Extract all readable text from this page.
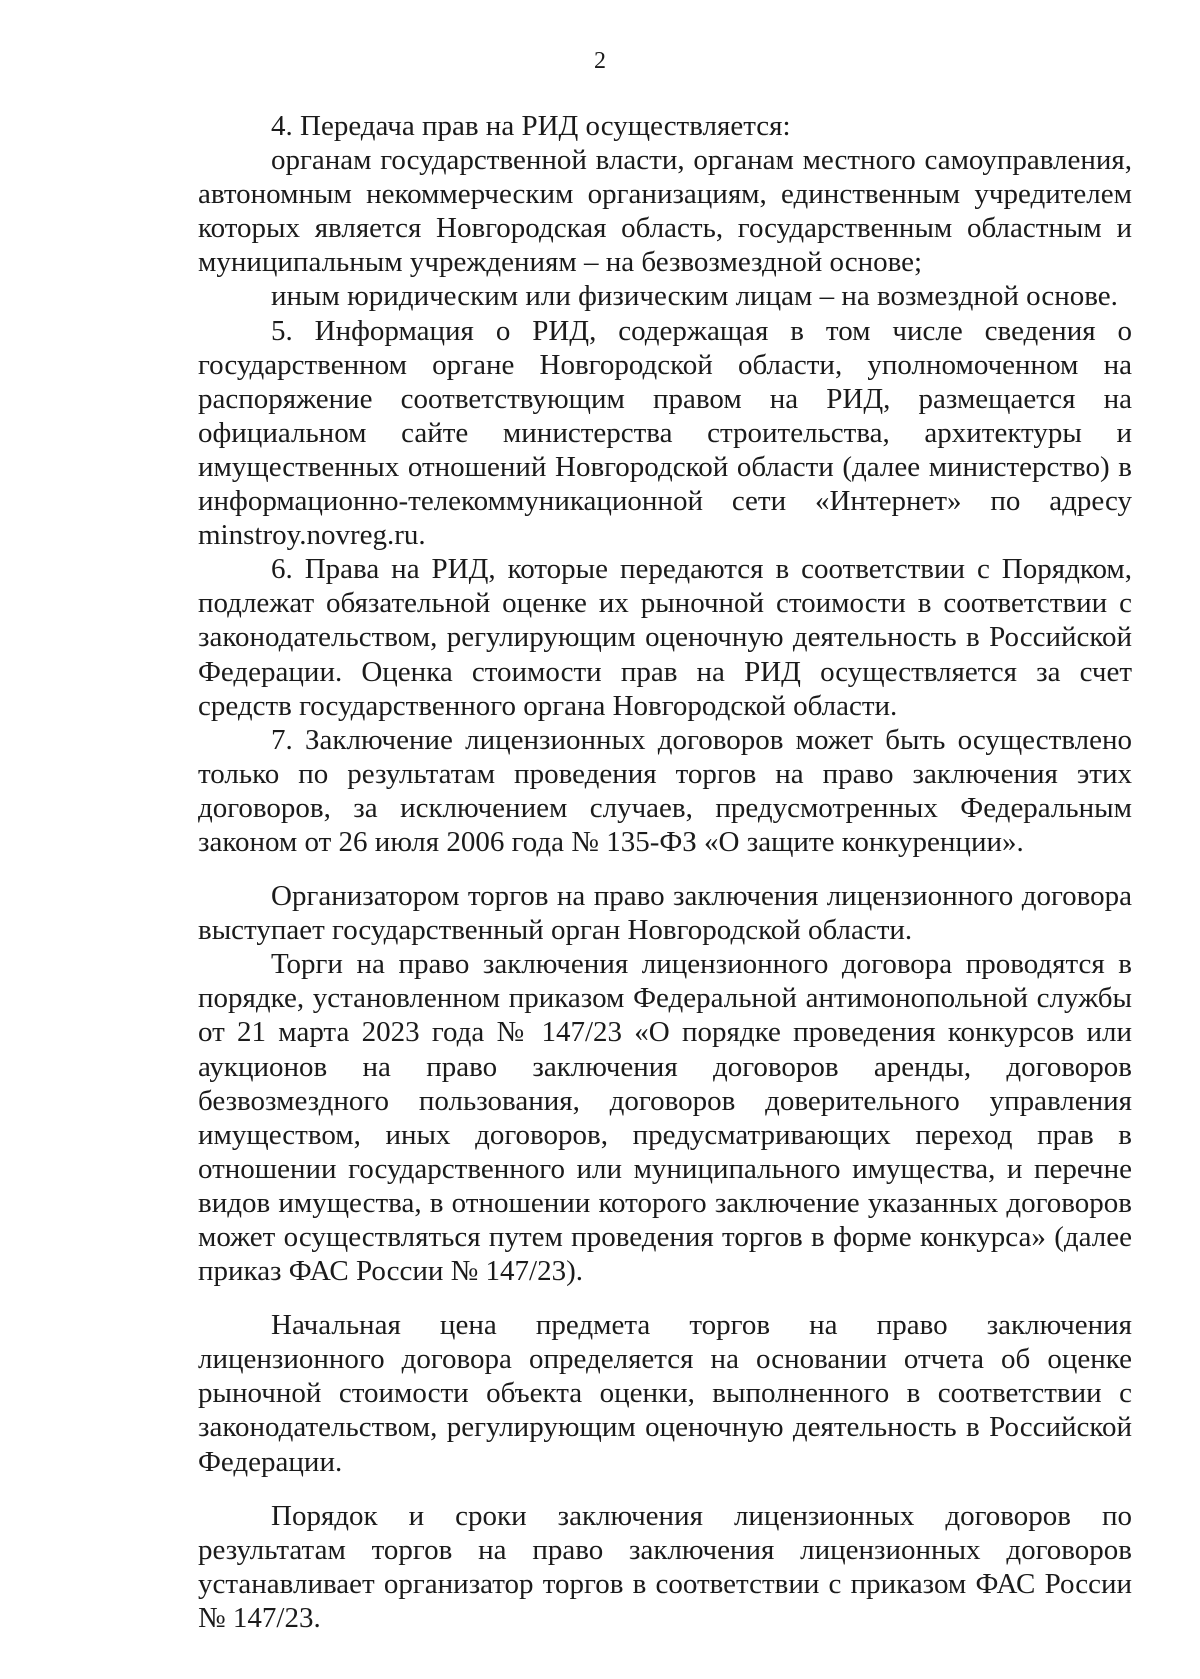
2

4. Передача прав на РИД осуществляется:

органам государственной власти, органам местного самоуправления, автономным некоммерческим организациям, единственным учредителем которых является Новгородская область, государственным областным и муниципальным учреждениям – на безвозмездной основе;

иным юридическим или физическим лицам – на возмездной основе.

5. Информация о РИД, содержащая в том числе сведения о государственном органе Новгородской области, уполномоченном на распоряжение соответствующим правом на РИД, размещается на официальном сайте министерства строительства, архитектуры и имущественных отношений Новгородской области (далее министерство) в информационно-телекоммуникационной сети «Интернет» по адресу minstroy.novreg.ru.

6. Права на РИД, которые передаются в соответствии с Порядком, подлежат обязательной оценке их рыночной стоимости в соответствии с законодательством, регулирующим оценочную деятельность в Российской Федерации. Оценка стоимости прав на РИД осуществляется за счет средств государственного органа Новгородской области.

7. Заключение лицензионных договоров может быть осуществлено только по результатам проведения торгов на право заключения этих договоров, за исключением случаев, предусмотренных Федеральным законом от 26 июля 2006 года № 135-ФЗ «О защите конкуренции».

Организатором торгов на право заключения лицензионного договора выступает государственный орган Новгородской области.

Торги на право заключения лицензионного договора проводятся в порядке, установленном приказом Федеральной антимонопольной службы от 21 марта 2023 года № 147/23 «О порядке проведения конкурсов или аукционов на право заключения договоров аренды, договоров безвозмездного пользования, договоров доверительного управления имуществом, иных договоров, предусматривающих переход прав в отношении государственного или муниципального имущества, и перечне видов имущества, в отношении которого заключение указанных договоров может осуществляться путем проведения торгов в форме конкурса» (далее приказ ФАС России № 147/23).

Начальная цена предмета торгов на право заключения лицензионного договора определяется на основании отчета об оценке рыночной стоимости объекта оценки, выполненного в соответствии с законодательством, регулирующим оценочную деятельность в Российской Федерации.

Порядок и сроки заключения лицензионных договоров по результатам торгов на право заключения лицензионных договоров устанавливает организатор торгов в соответствии с приказом ФАС России № 147/23.
